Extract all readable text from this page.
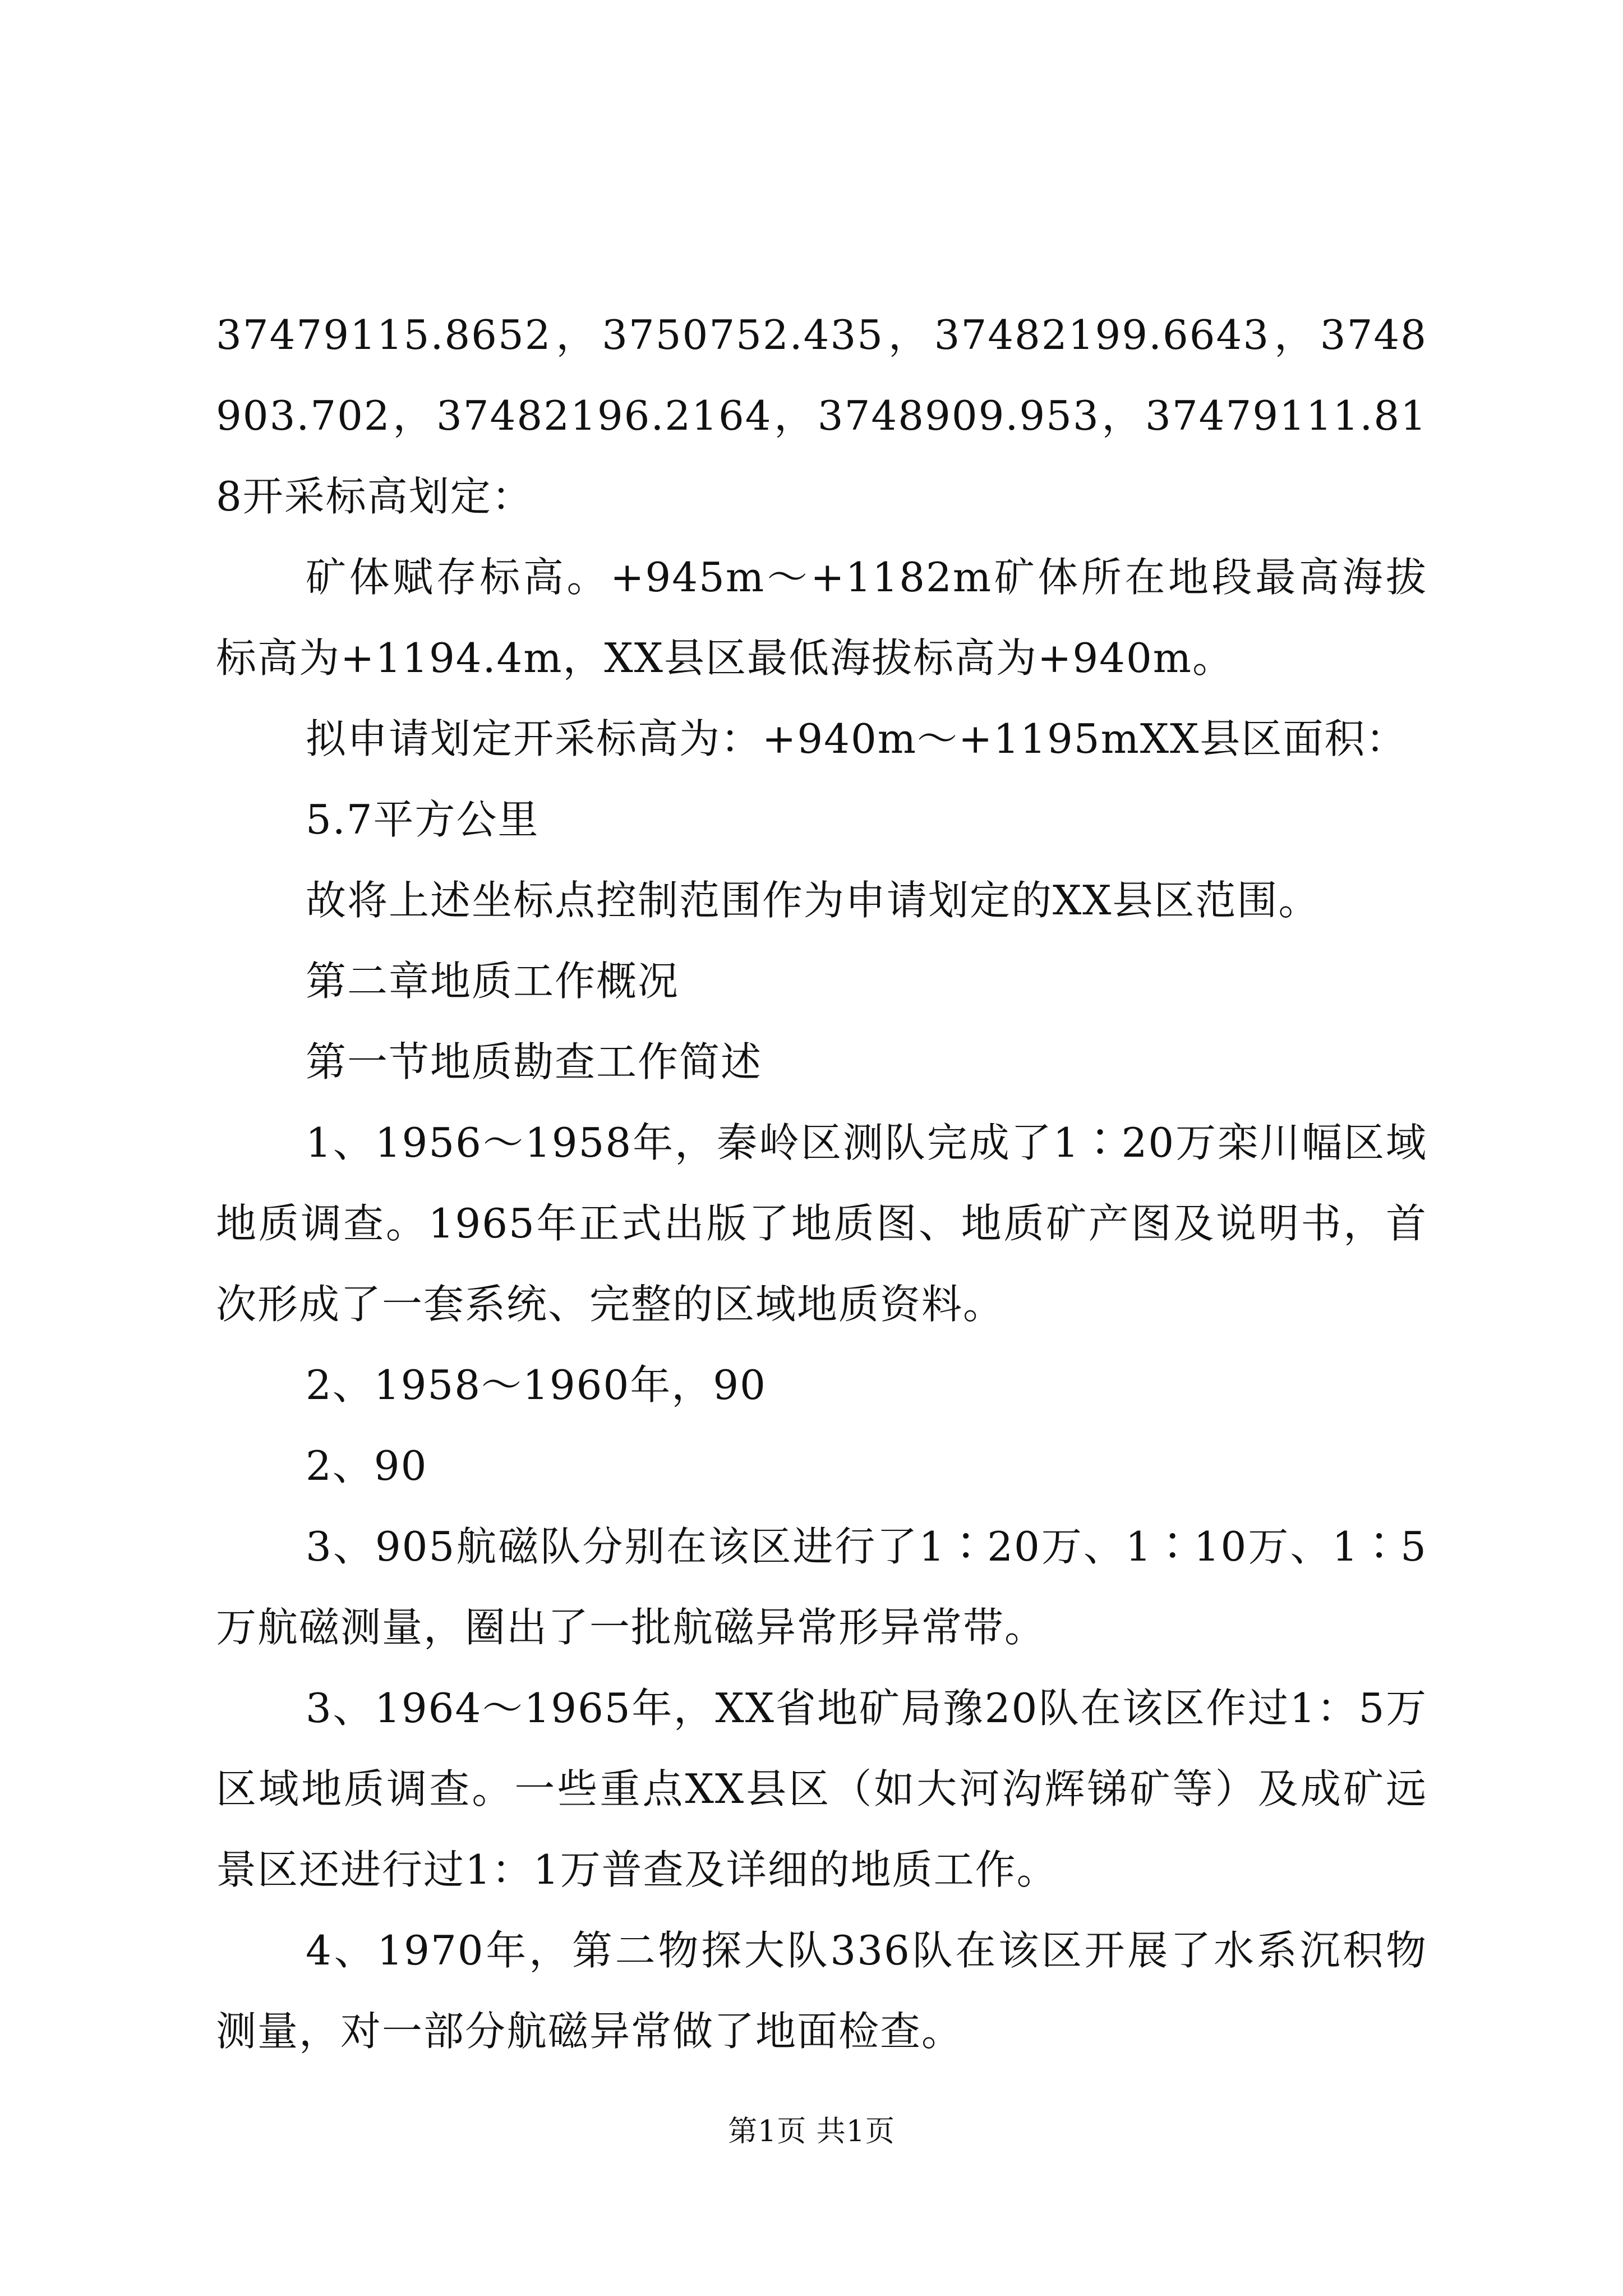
37479115.8652，3750752.435，37482199.6643，3748903.702，37482196.2164，3748909.953，37479111.818开采标高划定：

矿体赋存标高。+945m～+1182m矿体所在地段最高海拔标高为+1194.4m，XX县区最低海拔标高为+940m。

拟申请划定开采标高为：+940m～+1195mXX县区面积：

5.7平方公里

故将上述坐标点控制范围作为申请划定的XX县区范围。

第二章地质工作概况

第一节地质勘查工作简述

1、1956～1958年，秦岭区测队完成了1∶20万栾川幅区域地质调查。1965年正式出版了地质图、地质矿产图及说明书，首次形成了一套系统、完整的区域地质资料。

2、1958～1960年，90

2、90

3、905航磁队分别在该区进行了1∶20万、1∶10万、1∶5万航磁测量，圈出了一批航磁异常形异常带。

3、1964～1965年，XX省地矿局豫20队在该区作过1：5万区域地质调查。一些重点XX县区（如大河沟辉锑矿等）及成矿远景区还进行过1：1万普查及详细的地质工作。

4、1970年，第二物探大队336队在该区开展了水系沉积物测量，对一部分航磁异常做了地面检查。

第1页 共1页
